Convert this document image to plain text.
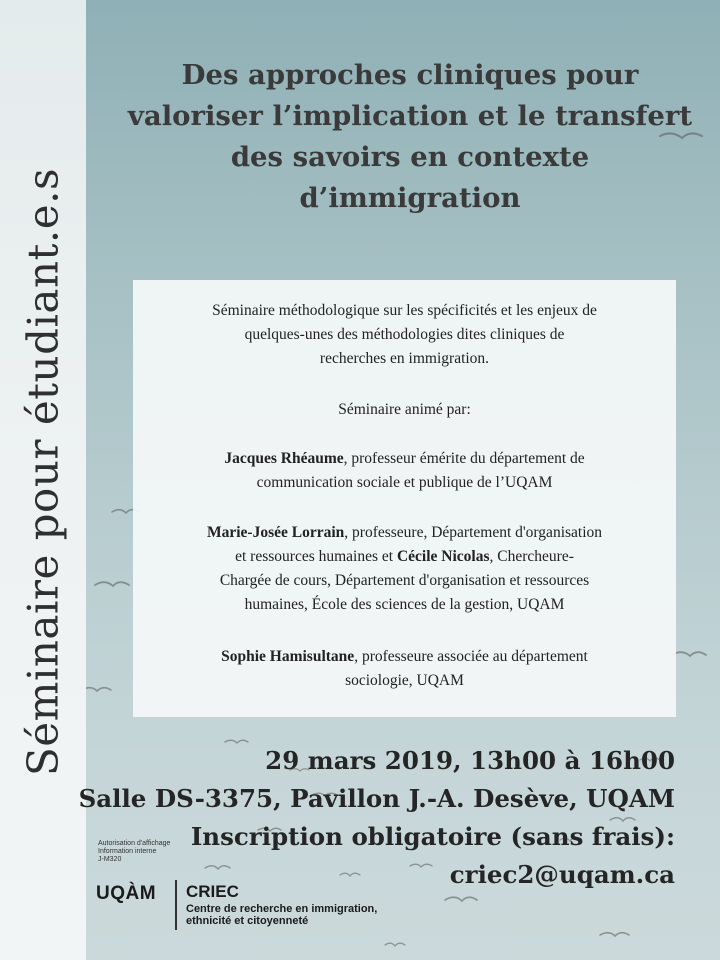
Séminaire pour étudiant.e.s
Des approches cliniques pour
valoriser l’implication et le transfert
des savoirs en contexte
d’immigration

Séminaire méthodologique sur les spécificités et les enjeux de
quelques-unes des méthodologies dites cliniques de
recherches en immigration.

Séminaire animé par:

Jacques Rhéaume, professeur émérite du département de
communication sociale et publique de l’UQAM

Marie-Josée Lorrain, professeure, Département d'organisation
et ressources humaines et Cécile Nicolas, Chercheure-
Chargée de cours, Département d'organisation et ressources
humaines, École des sciences de la gestion, UQAM

Sophie Hamisultane, professeure associée au département
sociologie, UQAM

29 mars 2019, 13h00 à 16h00
Salle DS-3375, Pavillon J.-A. Desève, UQAM
Inscription obligatoire (sans frais):
criec2@uqam.ca
Autorisation d'affichage
Information interne
J-M320
UQÀM CRIEC
Centre de recherche en immigration,
ethnicité et citoyenneté
